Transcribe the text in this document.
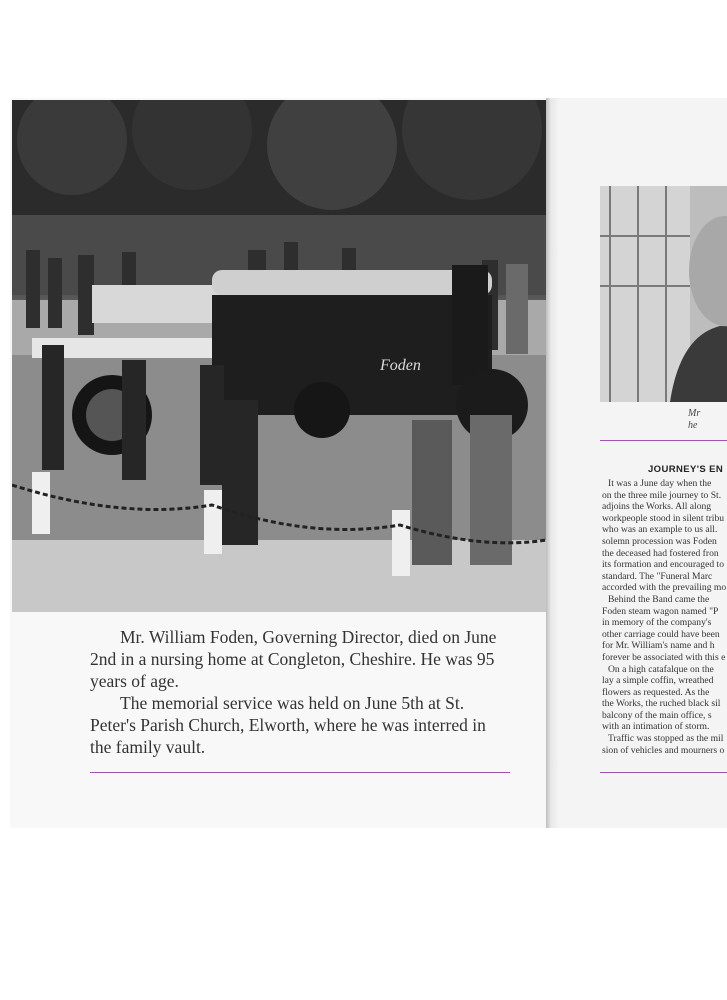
Foden

Mr. William Foden, Governing Director, died on June 2nd in a nursing home at Congleton, Cheshire. He was 95 years of age.

The memorial service was held on June 5th at St. Peter's Parish Church, Elworth, where he was interred in the family vault.

Mr
he
JOURNEY'S EN
It was a June day when the
on the three mile journey to St.
adjoins the Works. All along
workpeople stood in silent tribu
who was an example to us all.
solemn procession was Foden
the deceased had fostered fron
its formation and encouraged to
standard. The "Funeral Marc
accorded with the prevailing mo
Behind the Band came the
Foden steam wagon named "P
in memory of the company's
other carriage could have been
for Mr. William's name and h
forever be associated with this e
On a high catafalque on the
lay a simple coffin, wreathed
flowers as requested. As the
the Works, the ruched black sil
balcony of the main office, s
with an intimation of storm.
Traffic was stopped as the mil
sion of vehicles and mourners o
